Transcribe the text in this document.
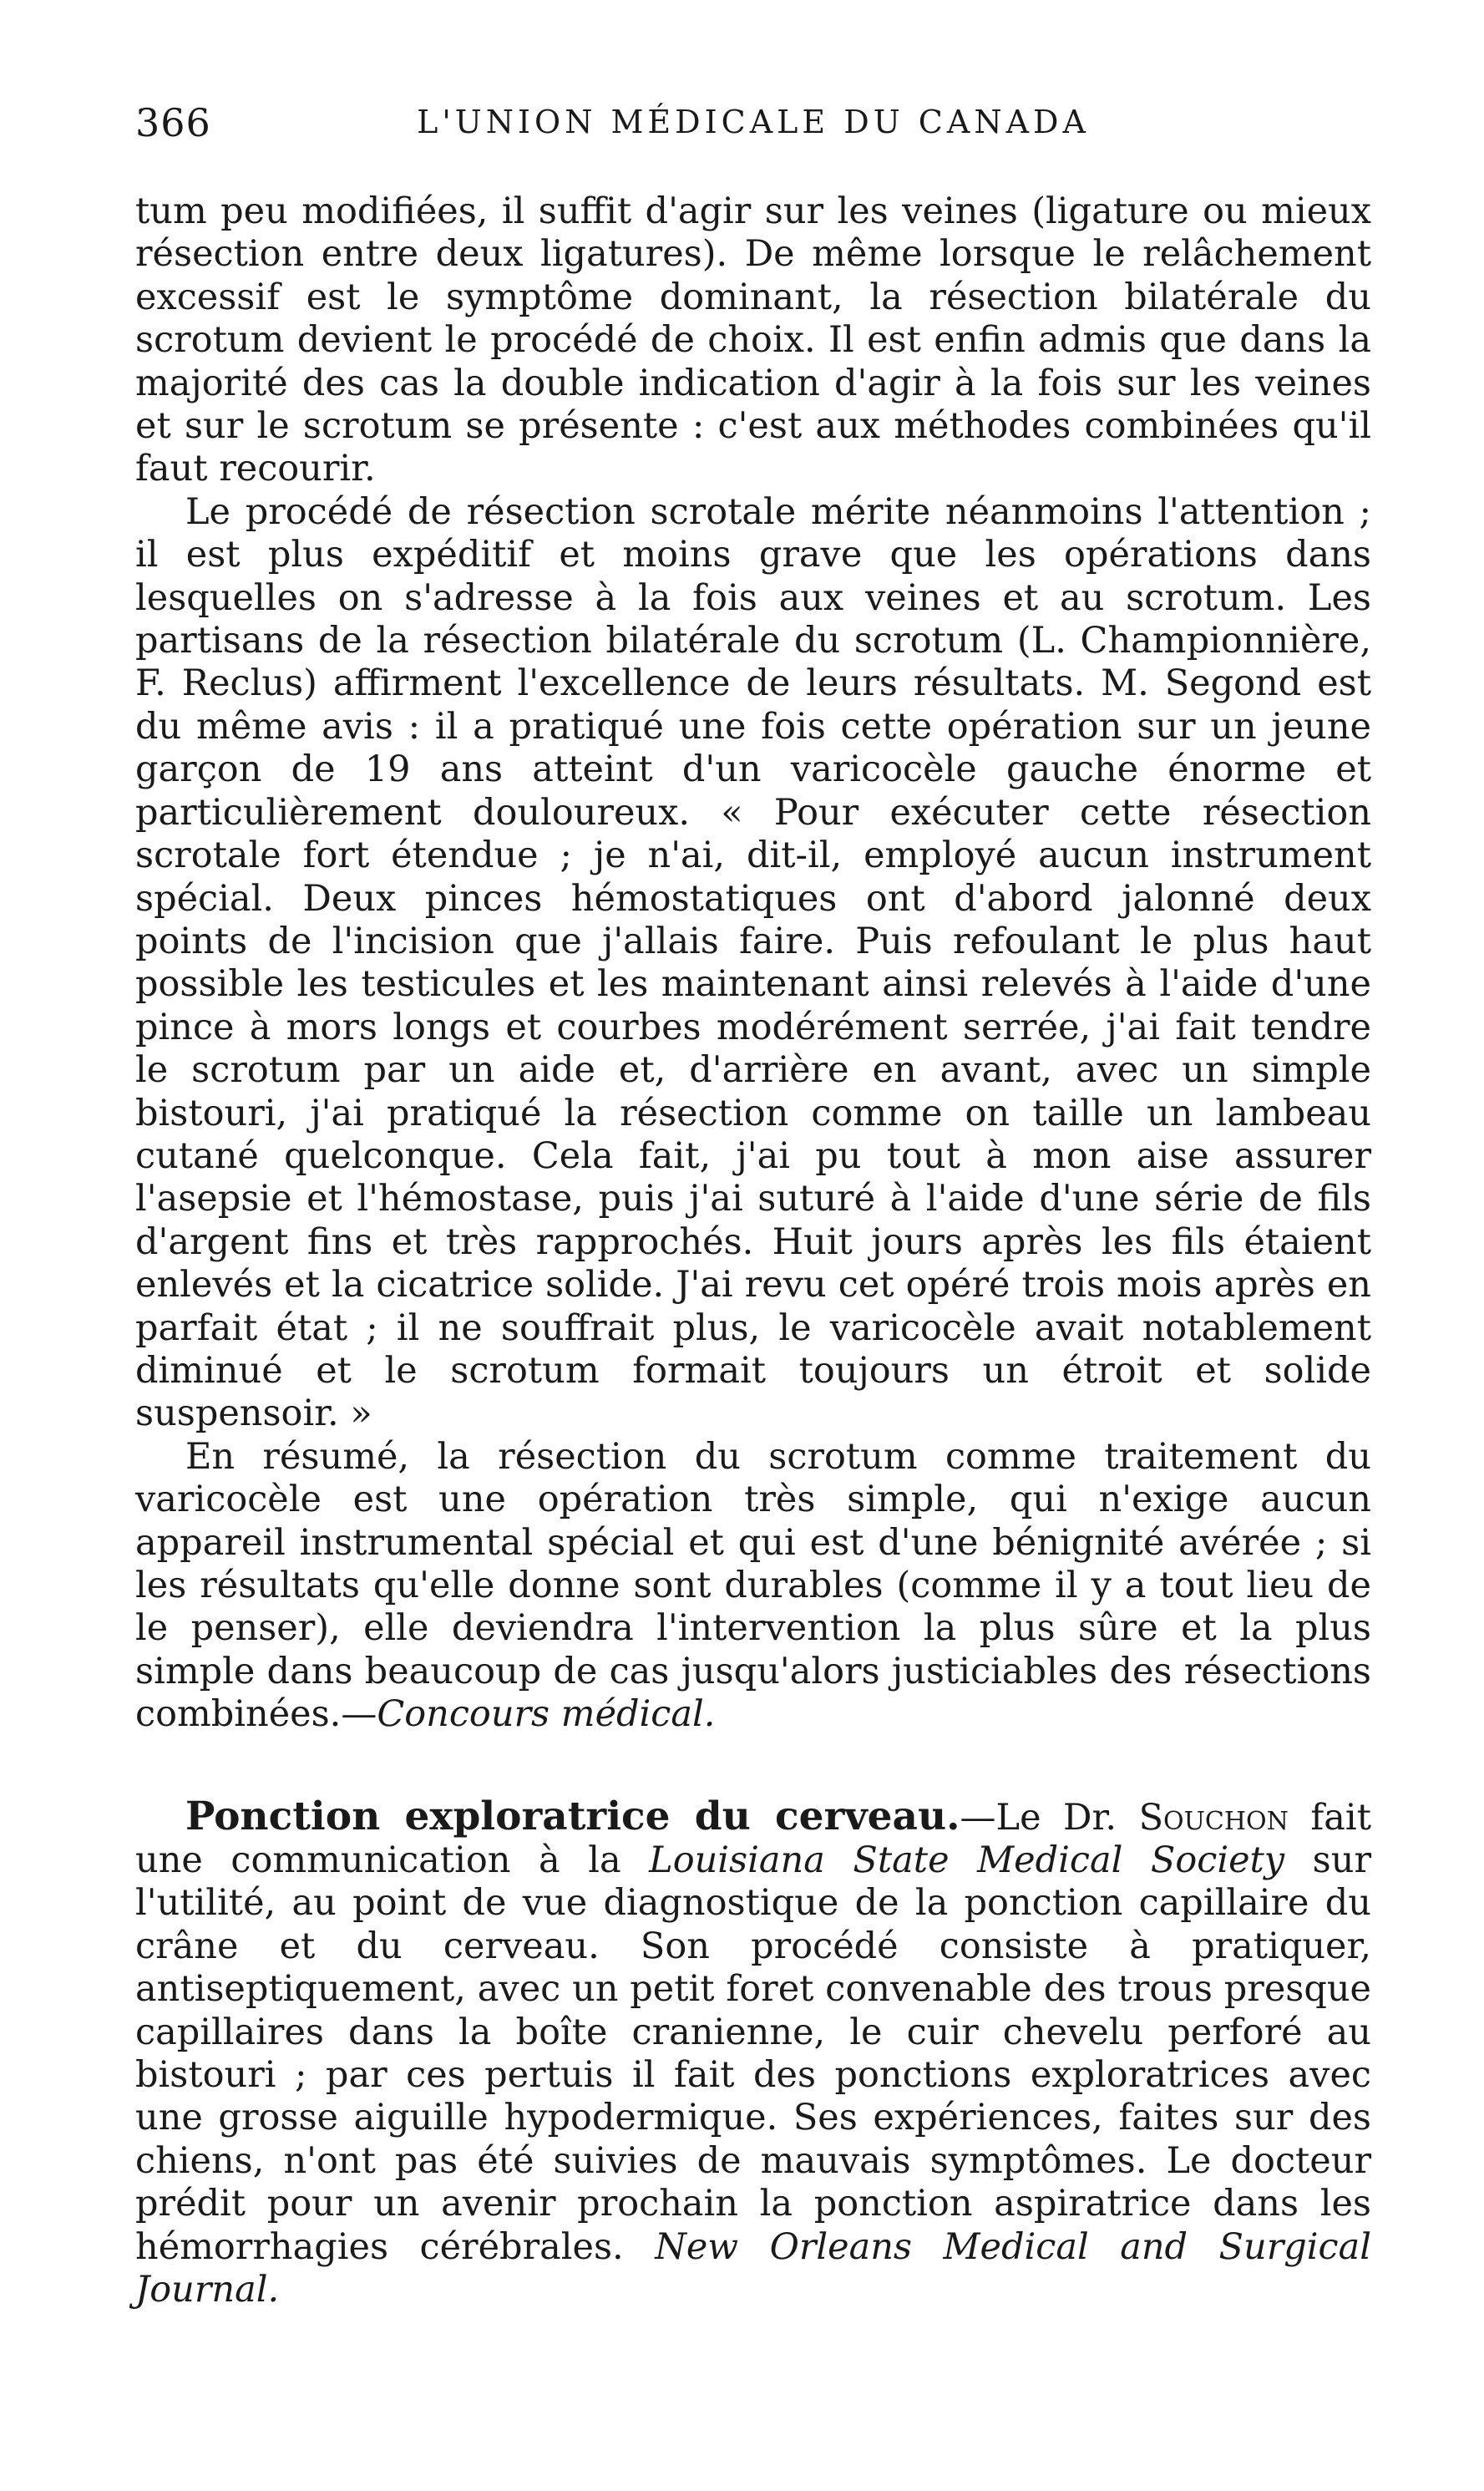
366	L'UNION MÉDICALE DU CANADA

tum peu modifiées, il suffit d'agir sur les veines (ligature ou mieux résection entre deux ligatures). De même lorsque le relâchement excessif est le symptôme dominant, la résection bilatérale du scrotum devient le procédé de choix. Il est enfin admis que dans la majorité des cas la double indication d'agir à la fois sur les veines et sur le scrotum se présente : c'est aux méthodes combinées qu'il faut recourir.

Le procédé de résection scrotale mérite néanmoins l'attention ; il est plus expéditif et moins grave que les opérations dans lesquelles on s'adresse à la fois aux veines et au scrotum. Les partisans de la résection bilatérale du scrotum (L. Championnière, F. Reclus) affirment l'excellence de leurs résultats. M. Segond est du même avis : il a pratiqué une fois cette opération sur un jeune garçon de 19 ans atteint d'un varicocèle gauche énorme et particulièrement douloureux. « Pour exécuter cette résection scrotale fort étendue ; je n'ai, dit-il, employé aucun instrument spécial. Deux pinces hémostatiques ont d'abord jalonné deux points de l'incision que j'allais faire. Puis refoulant le plus haut possible les testicules et les maintenant ainsi relevés à l'aide d'une pince à mors longs et courbes modérément serrée, j'ai fait tendre le scrotum par un aide et, d'arrière en avant, avec un simple bistouri, j'ai pratiqué la résection comme on taille un lambeau cutané quelconque. Cela fait, j'ai pu tout à mon aise assurer l'asepsie et l'hémostase, puis j'ai suturé à l'aide d'une série de fils d'argent fins et très rapprochés. Huit jours après les fils étaient enlevés et la cicatrice solide. J'ai revu cet opéré trois mois après en parfait état ; il ne souffrait plus, le varicocèle avait notablement diminué et le scrotum formait toujours un étroit et solide suspensoir. »

En résumé, la résection du scrotum comme traitement du varicocèle est une opération très simple, qui n'exige aucun appareil instrumental spécial et qui est d'une bénignité avérée ; si les résultats qu'elle donne sont durables (comme il y a tout lieu de le penser), elle deviendra l'intervention la plus sûre et la plus simple dans beaucoup de cas jusqu'alors justiciables des résections combinées.—Concours médical.

Ponction exploratrice du cerveau.—Le Dr. Souchon fait une communication à la Louisiana State Medical Society sur l'utilité, au point de vue diagnostique de la ponction capillaire du crâne et du cerveau. Son procédé consiste à pratiquer, antiseptiquement, avec un petit foret convenable des trous presque capillaires dans la boîte cranienne, le cuir chevelu perforé au bistouri ; par ces pertuis il fait des ponctions exploratrices avec une grosse aiguille hypodermique. Ses expériences, faites sur des chiens, n'ont pas été suivies de mauvais symptômes. Le docteur prédit pour un avenir prochain la ponction aspiratrice dans les hémorrhagies cérébrales. New Orleans Medical and Surgical Journal.
